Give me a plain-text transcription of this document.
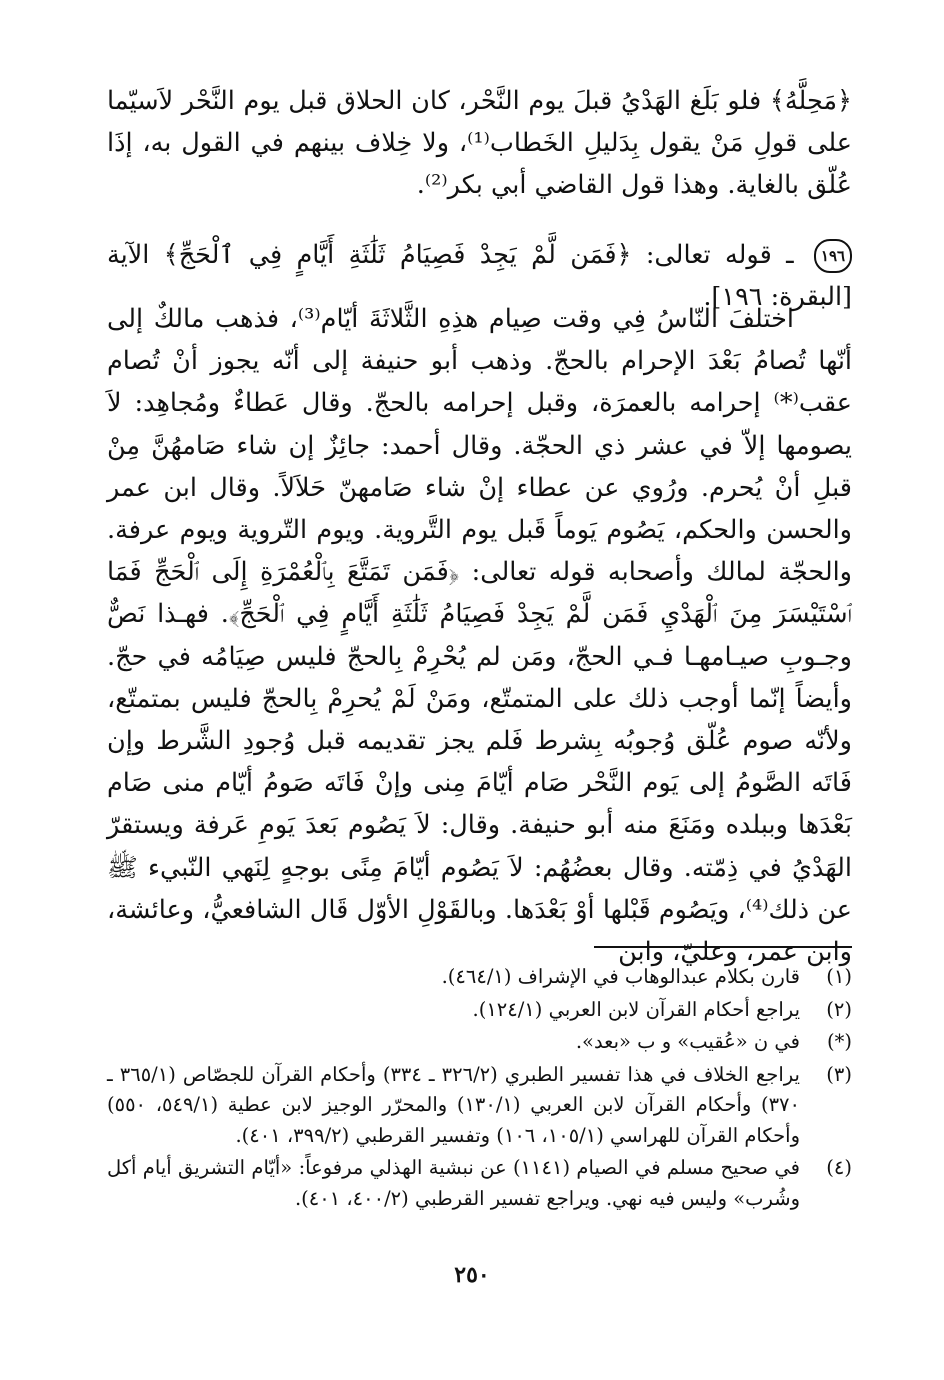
﴿مَحِلَّهُ﴾ فلو بَلَغ الهَدْيُ قبلَ يوم النَّحْر، كان الحلاق قبل يوم النَّحْر لاَسيّما على قولِ مَنْ يقول بِدَليلِ الخَطاب⁽¹⁾، ولا خِلاف بينهم في القول به، إذَا عُلّق بالغاية. وهذا قول القاضي أبي بكر⁽²⁾.

١٩٦ ـ قوله تعالى: ﴿فَمَن لَّمْ يَجِدْ فَصِيَامُ ثَلَٰثَةِ أَيَّامٍ فِي ٱلْحَجِّ﴾ الآية [البقرة: ١٩٦].

اختلفَ النّاسُ فِي وقت صِيام هذِهِ الثَّلاثَةَ أيّام⁽³⁾، فذهب مالكٌ إلى أنّها تُصامُ بَعْدَ الإحرام بالحجّ. وذهب أبو حنيفة إلى أنّه يجوز أنْ تُصام عقب⁽*⁾ إحرامه بالعمرَة، وقبل إحرامه بالحجّ. وقال عَطاءٌ ومُجاهِد: لاَ يصومها إلاّ في عشر ذي الحجّة. وقال أحمد: جائِزٌ إن شاء صَامهُنَّ مِنْ قبلِ أنْ يُحرم. ورُوي عن عطاء إنْ شاء صَامهنّ حَلاَلاً. وقال ابن عمر والحسن والحكم، يَصُوم يَوماً قَبل يوم التَّروية. ويوم التّروية ويوم عرفة. والحجّة لمالك وأصحابه قوله تعالى: ﴿فَمَن تَمَتَّعَ بِٱلْعُمْرَةِ إِلَى ٱلْحَجِّ فَمَا ٱسْتَيْسَرَ مِنَ ٱلْهَدْيِ فَمَن لَّمْ يَجِدْ فَصِيَامُ ثَلَٰثَةِ أَيَّامٍ فِي ٱلْحَجِّ﴾. فهـذا نَصٌّ وجـوبِ صيـامهـا فـي الحجّ، ومَن لم يُحْرِمْ بِالحجّ فليس صِيَامُه في حجّ. وأيضاً إنّما أوجب ذلك على المتمتّع، ومَنْ لَمْ يُحرِمْ بِالحجّ فليس بمتمتّع، ولأنّه صوم عُلّق وُجوبُه بِشرط فَلم يجز تقديمه قبل وُجودِ الشَّرط وإن فَاتَه الصَّومُ إلى يَوم النَّحْر صَام أيّامَ مِنى وإنْ فَاتَه صَومُ أيّام منى صَام بَعْدَها وببلده ومَنَعَ منه أبو حنيفة. وقال: لاَ يَصُوم بَعدَ يَومِ عَرفة ويستقرّ الهَدْيُ في ذِمّته. وقال بعضُهُم: لاَ يَصُوم أيّامَ مِنًى بوجهٍ لِنَهي النّبيء ﷺ عن ذلك⁽⁴⁾، ويَصُوم قَبْلها أوْ بَعْدَها. وبالقَوْلِ الأوّل قَال الشافعيُّ، وعائشة، وابن عمر، وعليّ، وابن

(١)
قارن بكلام عبدالوهاب في الإشراف (٤٦٤/١).
(٢)
يراجع أحكام القرآن لابن العربي (١٢٤/١).
(*)
في ن «عُقيب» و ب «بعد».
(٣)
يراجع الخلاف في هذا تفسير الطبري (٣٢٦/٢ ـ ٣٣٤) وأحكام القرآن للجصّاص (٣٦٥/١ ـ ٣٧٠) وأحكام القرآن لابن العربي (١٣٠/١) والمحرّر الوجيز لابن عطية (٥٤٩/١، ٥٥٠) وأحكام القرآن للهراسي (١٠٥/١، ١٠٦) وتفسير القرطبي (٣٩٩/٢، ٤٠١).
(٤)
في صحيح مسلم في الصيام (١١٤١) عن نبشية الهذلي مرفوعاً: «أيّام التشريق أيام أكل وشُرب» وليس فيه نهي. ويراجع تفسير القرطبي (٤٠٠/٢، ٤٠١).
٢٥٠
